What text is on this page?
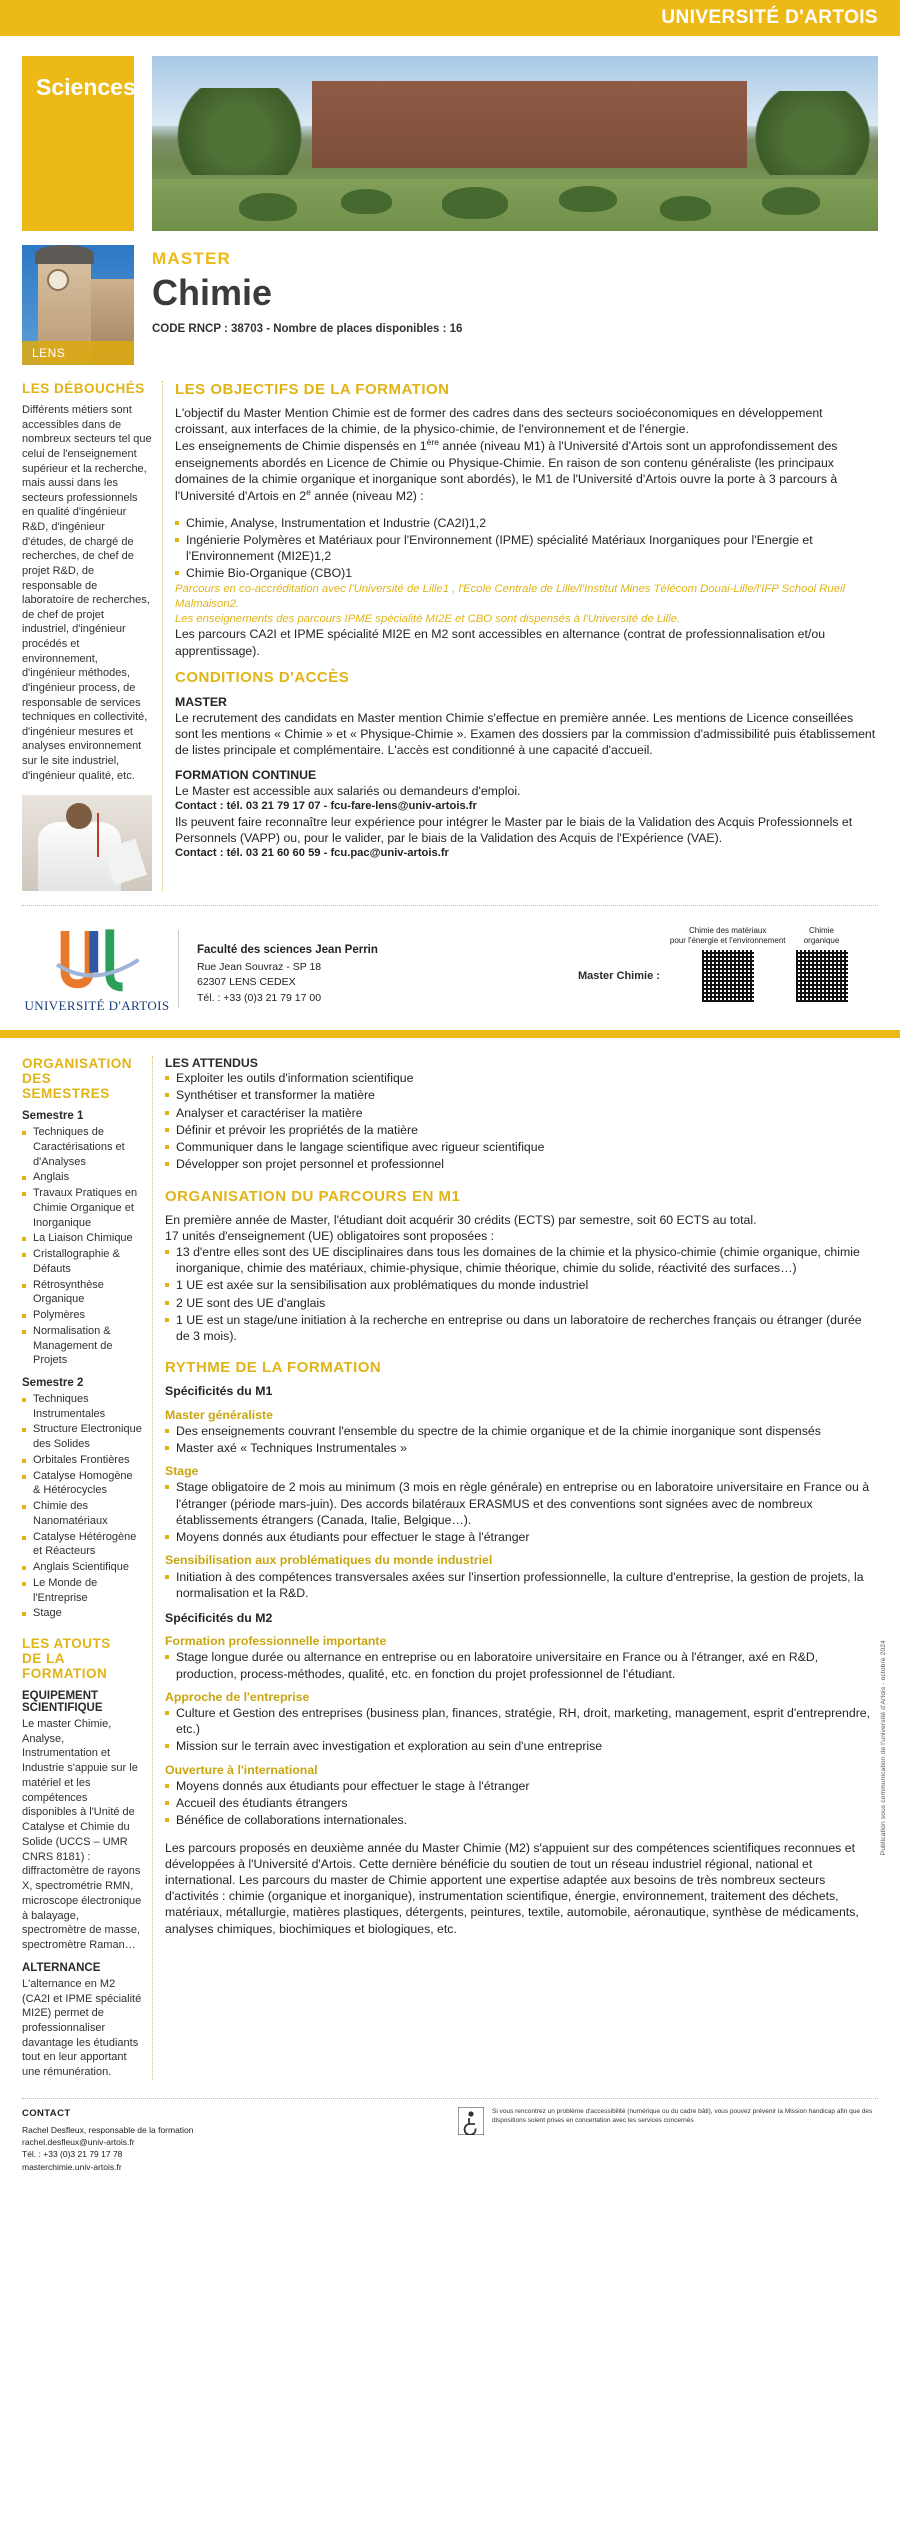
UNIVERSITÉ D'ARTOIS
Sciences
LENS
MASTER
Chimie
CODE RNCP : 38703 - Nombre de places disponibles : 16
LES DÉBOUCHÉS
Différents métiers sont accessibles dans de nombreux secteurs tel que celui de l'enseignement supérieur et la recherche, mais aussi dans les secteurs professionnels en qualité d'ingénieur R&D, d'ingénieur d'études, de chargé de recherches, de chef de projet R&D, de responsable de laboratoire de recherches, de chef de projet industriel, d'ingénieur procédés et environnement, d'ingénieur méthodes, d'ingénieur process, de responsable de services techniques en collectivité, d'ingénieur mesures et analyses environnement sur le site industriel, d'ingénieur qualité, etc.
LES OBJECTIFS DE LA FORMATION

L'objectif du Master Mention Chimie est de former des cadres dans des secteurs socioéconomiques en développement croissant, aux interfaces de la chimie, de la physico-chimie, de l'environnement et de l'énergie.

Les enseignements de Chimie dispensés en 1ère année (niveau M1) à l'Université d'Artois sont un approfondissement des enseignements abordés en Licence de Chimie ou Physique-Chimie. En raison de son contenu généraliste (les principaux domaines de la chimie organique et inorganique sont abordés), le M1 de l'Université d'Artois ouvre la porte à 3 parcours à l'Université d'Artois en 2e année (niveau M2) :

Chimie, Analyse, Instrumentation et Industrie (CA2I)1,2
Ingénierie Polymères et Matériaux pour l'Environnement (IPME) spécialité Matériaux Inorganiques pour l'Energie et l'Environnement (MI2E)1,2
Chimie Bio-Organique (CBO)1
Parcours en co-accréditation avec l'Université de Lille1 , l'Ecole Centrale de Lille/l'Institut Mines Télécom Douai-Lille/l'IFP School Rueil Malmaison2.
Les enseignements des parcours IPME spécialité MI2E et CBO sont dispensés à l'Université de Lille.

Les parcours CA2I et IPME spécialité MI2E en M2 sont accessibles en alternance (contrat de professionnalisation et/ou apprentissage).

CONDITIONS D'ACCÈS
MASTER

Le recrutement des candidats en Master mention Chimie s'effectue en première année. Les mentions de Licence conseillées sont les mentions « Chimie » et « Physique-Chimie ». Examen des dossiers par la commission d'admissibilité puis établissement de listes principale et complémentaire. L'accès est conditionné à une capacité d'accueil.

FORMATION CONTINUE

Le Master est accessible aux salariés ou demandeurs d'emploi.

Contact : tél. 03 21 79 17 07 - fcu-fare-lens@univ-artois.fr

Ils peuvent faire reconnaître leur expérience pour intégrer le Master par le biais de la Validation des Acquis Professionnels et Personnels (VAPP) ou, pour le valider, par le biais de la Validation des Acquis de l'Expérience (VAE).

Contact : tél. 03 21 60 60 59 - fcu.pac@univ-artois.fr
UNIVERSITÉ D'ARTOIS
Faculté des sciences Jean Perrin
Rue Jean Souvraz - SP 18
62307 LENS CEDEX
Tél. : +33 (0)3 21 79 17 00
Master Chimie :
Chimie des matériaux
pour l'énergie et l'environnement
Chimie
organique
ORGANISATION
DES SEMESTRES
Semestre 1
Techniques de Caractérisations et d'Analyses
Anglais
Travaux Pratiques en Chimie Organique et Inorganique
La Liaison Chimique
Cristallographie & Défauts
Rétrosynthèse Organique
Polymères
Normalisation & Management de Projets
Semestre 2
Techniques Instrumentales
Structure Electronique des Solides
Orbitales Frontières
Catalyse Homogène & Hétérocycles
Chimie des Nanomatériaux
Catalyse Hétérogène et Réacteurs
Anglais Scientifique
Le Monde de l'Entreprise
Stage
LES ATOUTS
DE LA FORMATION
EQUIPEMENT SCIENTIFIQUE
Le master Chimie, Analyse, Instrumentation et Industrie s'appuie sur le matériel et les compétences disponibles à l'Unité de Catalyse et Chimie du Solide (UCCS – UMR CNRS 8181) : diffractomètre de rayons X, spectrométrie RMN, microscope électronique à balayage, spectromètre de masse, spectromètre Raman…
ALTERNANCE
L'alternance en M2 (CA2I et IPME spécialité MI2E) permet de professionnaliser davantage les étudiants tout en leur apportant une rémunération.
LES ATTENDUS
Exploiter les outils d'information scientifique
Synthétiser et transformer la matière
Analyser et caractériser la matière
Définir et prévoir les propriétés de la matière
Communiquer dans le langage scientifique avec rigueur scientifique
Développer son projet personnel et professionnel
ORGANISATION DU PARCOURS EN M1

En première année de Master, l'étudiant doit acquérir 30 crédits (ECTS) par semestre, soit 60 ECTS au total.

17 unités d'enseignement (UE) obligatoires sont proposées :

13 d'entre elles sont des UE disciplinaires dans tous les domaines de la chimie et la physico-chimie (chimie organique, chimie inorganique, chimie des matériaux, chimie-physique, chimie théorique, chimie du solide, réactivité des surfaces…)
1 UE est axée sur la sensibilisation aux problématiques du monde industriel
2 UE sont des UE d'anglais
1 UE est un stage/une initiation à la recherche en entreprise ou dans un laboratoire de recherches français ou étranger (durée de 3 mois).
RYTHME DE LA FORMATION
Spécificités du M1
Master généraliste
Des enseignements couvrant l'ensemble du spectre de la chimie organique et de la chimie inorganique sont dispensés
Master axé « Techniques Instrumentales »
Stage
Stage obligatoire de 2 mois au minimum (3 mois en règle générale) en entreprise ou en laboratoire universitaire en France ou à l'étranger (période mars-juin). Des accords bilatéraux ERASMUS et des conventions sont signées avec de nombreux établissements étrangers (Canada, Italie, Belgique…).
Moyens donnés aux étudiants pour effectuer le stage à l'étranger
Sensibilisation aux problématiques du monde industriel
Initiation à des compétences transversales axées sur l'insertion professionnelle, la culture d'entreprise, la gestion de projets, la normalisation et la R&D.
Spécificités du M2
Formation professionnelle importante
Stage longue durée ou alternance en entreprise ou en laboratoire universitaire en France ou à l'étranger, axé en R&D, production, process-méthodes, qualité, etc. en fonction du projet professionnel de l'étudiant.
Approche de l'entreprise
Culture et Gestion des entreprises (business plan, finances, stratégie, RH, droit, marketing, management, esprit d'entreprendre, etc.)
Mission sur le terrain avec investigation et exploration au sein d'une entreprise
Ouverture à l'international
Moyens donnés aux étudiants pour effectuer le stage à l'étranger
Accueil des étudiants étrangers
Bénéfice de collaborations internationales.

Les parcours proposés en deuxième année du Master Chimie (M2) s'appuient sur des compétences scientifiques reconnues et développées à l'Université d'Artois. Cette dernière bénéficie du soutien de tout un réseau industriel régional, national et international. Les parcours du master de Chimie apportent une expertise adaptée aux besoins de très nombreux secteurs d'activités : chimie (organique et inorganique), instrumentation scientifique, énergie, environnement, traitement des déchets, matériaux, métallurgie, matières plastiques, détergents, peintures, textile, automobile, aéronautique, synthèse de médicaments, analyses chimiques, biochimiques et biologiques, etc.

Publication sous communication de l'université d'Artois - octobre 2024
CONTACT
Rachel Desfleux, responsable de la formation
rachel.desfleux@univ-artois.fr
Tél. : +33 (0)3 21 79 17 78
masterchimie.univ-artois.fr
Si vous rencontrez un problème d'accessibilité (numérique ou du cadre bâti), vous pouvez prévenir la Mission handicap afin que des dispositions soient prises en concertation avec les services concernés
